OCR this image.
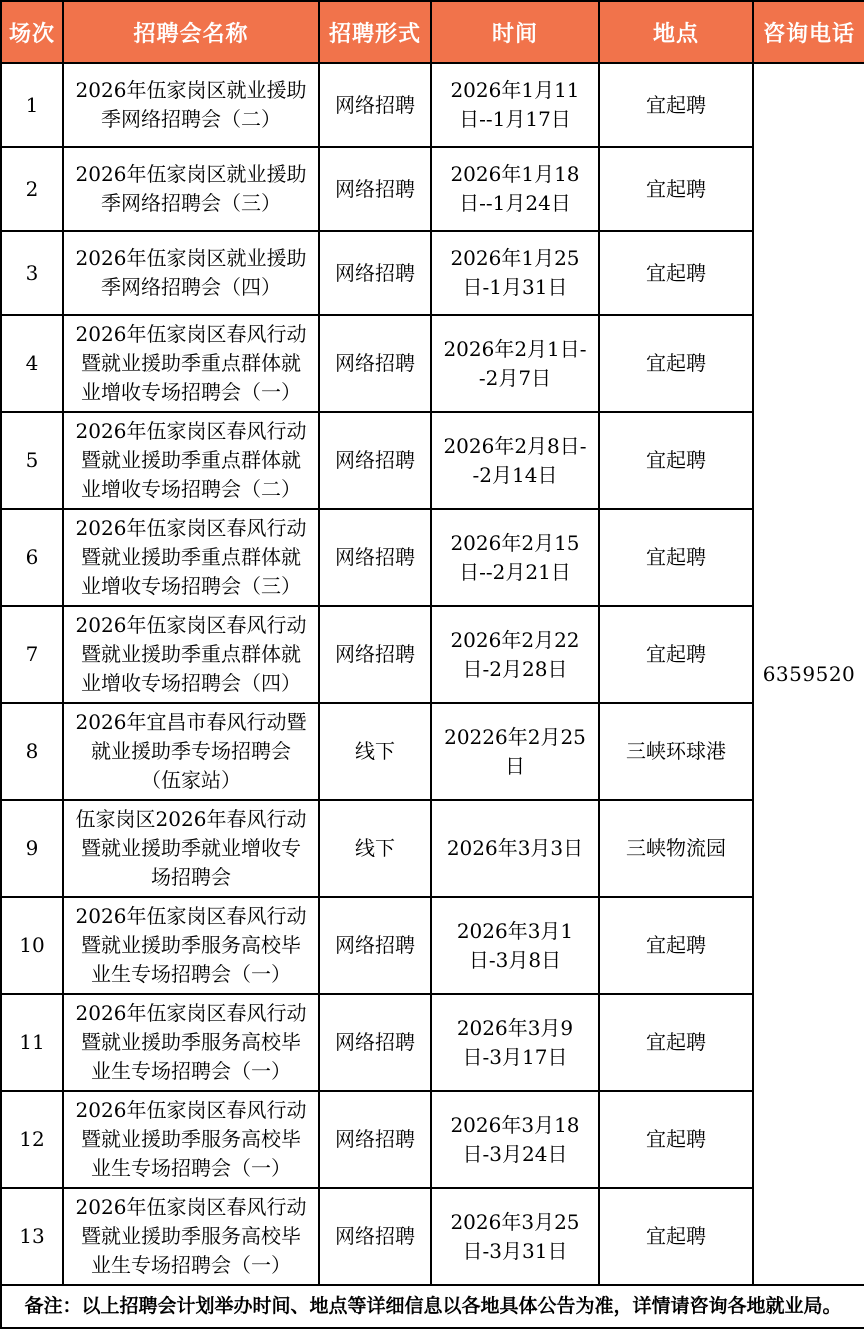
场次	招聘会名称	招聘形式	时间	地点	咨询电话
1	2026年伍家岗区就业援助季网络招聘会（二）	网络招聘	2026年1月11日--1月17日	宜起聘	6359520
2	2026年伍家岗区就业援助季网络招聘会（三）	网络招聘	2026年1月18日--1月24日	宜起聘	
3	2026年伍家岗区就业援助季网络招聘会（四）	网络招聘	2026年1月25日-1月31日	宜起聘	
4	2026年伍家岗区春风行动暨就业援助季重点群体就业增收专场招聘会（一）	网络招聘	2026年2月1日--2月7日	宜起聘	
5	2026年伍家岗区春风行动暨就业援助季重点群体就业增收专场招聘会（二）	网络招聘	2026年2月8日--2月14日	宜起聘	
6	2026年伍家岗区春风行动暨就业援助季重点群体就业增收专场招聘会（三）	网络招聘	2026年2月15日--2月21日	宜起聘	
7	2026年伍家岗区春风行动暨就业援助季重点群体就业增收专场招聘会（四）	网络招聘	2026年2月22日-2月28日	宜起聘	
8	2026年宜昌市春风行动暨就业援助季专场招聘会（伍家站）	线下	20226年2月25日	三峡环球港	
9	伍家岗区2026年春风行动暨就业援助季就业增收专场招聘会	线下	2026年3月3日	三峡物流园	
10	2026年伍家岗区春风行动暨就业援助季服务高校毕业生专场招聘会（一）	网络招聘	2026年3月1日-3月8日	宜起聘	
11	2026年伍家岗区春风行动暨就业援助季服务高校毕业生专场招聘会（一）	网络招聘	2026年3月9日-3月17日	宜起聘	
12	2026年伍家岗区春风行动暨就业援助季服务高校毕业生专场招聘会（一）	网络招聘	2026年3月18日-3月24日	宜起聘	
13	2026年伍家岗区春风行动暨就业援助季服务高校毕业生专场招聘会（一）	网络招聘	2026年3月25日-3月31日	宜起聘	
备注：以上招聘会计划举办时间、地点等详细信息以各地具体公告为准，详情请咨询各地就业局。					
